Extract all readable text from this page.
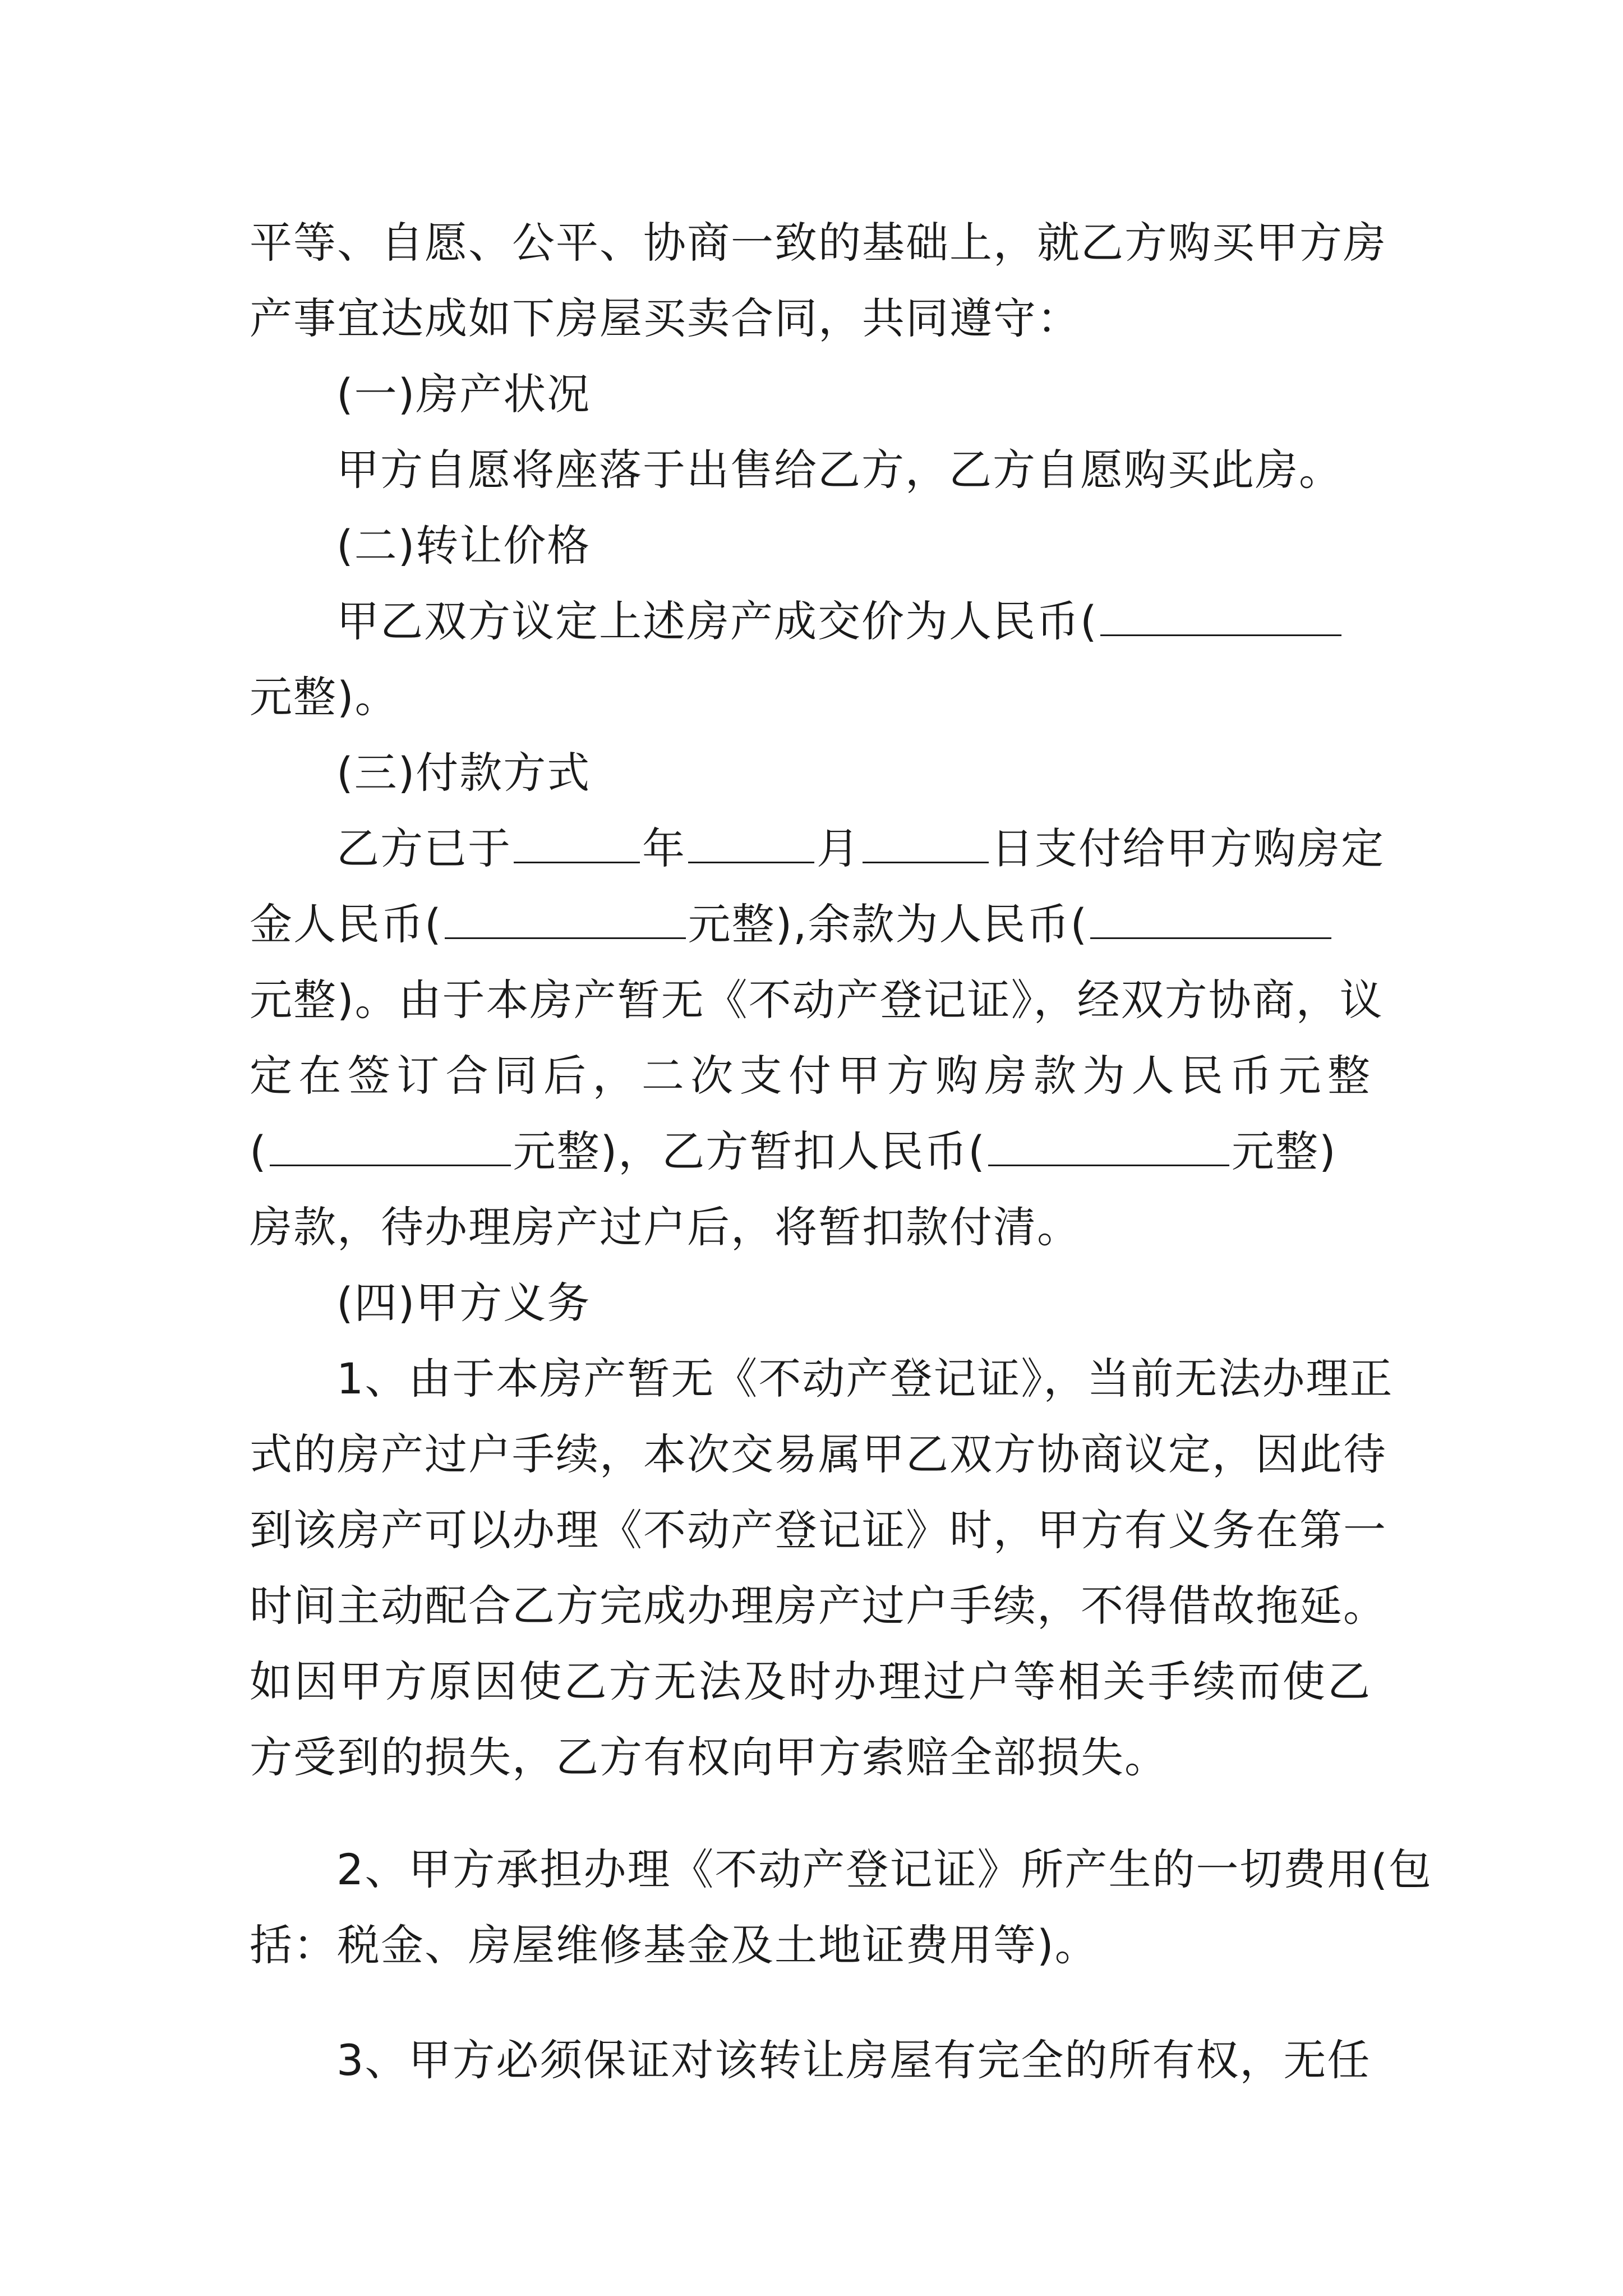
平等、自愿、公平、协商一致的基础上，就乙方购买甲方房
产事宜达成如下房屋买卖合同，共同遵守：
(一)房产状况
甲方自愿将座落于出售给乙方，乙方自愿购买此房。
(二)转让价格
甲乙双方议定上述房产成交价为人民币(
元整)。
(三)付款方式
乙方已于	年	月	日支付给甲方购房定
金人民币(	元整),余款为人民币(
元整)。由于本房产暂无《不动产登记证》，经双方协商，议
定在签订合同后，二次支付甲方购房款为人民币元整
(	元整)，乙方暂扣人民币(	元整)
房款，待办理房产过户后，将暂扣款付清。
(四)甲方义务
1、由于本房产暂无《不动产登记证》，当前无法办理正
式的房产过户手续，本次交易属甲乙双方协商议定，因此待
到该房产可以办理《不动产登记证》时，甲方有义务在第一
时间主动配合乙方完成办理房产过户手续，不得借故拖延。
如因甲方原因使乙方无法及时办理过户等相关手续而使乙
方受到的损失，乙方有权向甲方索赔全部损失。
2、甲方承担办理《不动产登记证》所产生的一切费用(包
括：税金、房屋维修基金及土地证费用等)。
3、甲方必须保证对该转让房屋有完全的所有权，无任
